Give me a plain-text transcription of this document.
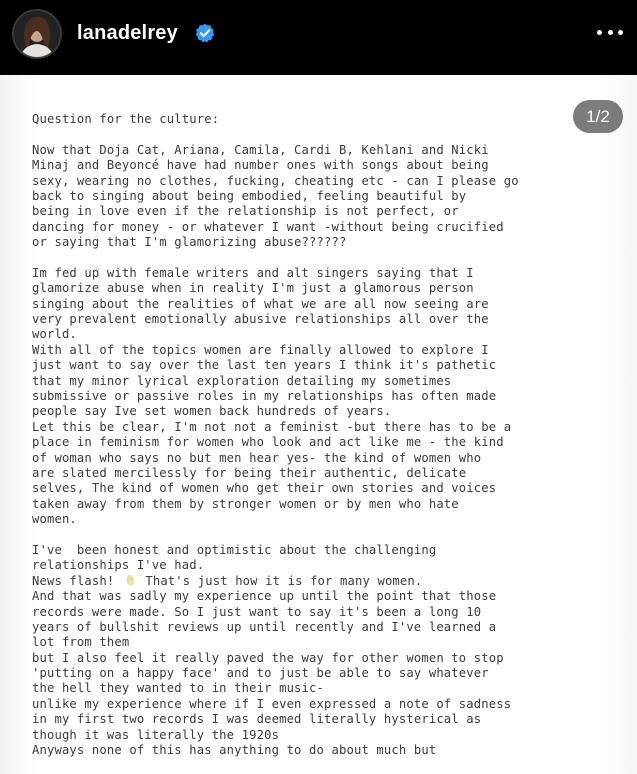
lanadelrey
1/2
Question for the culture:
Now that Doja Cat, Ariana, Camila, Cardi B, Kehlani and Nicki
Minaj and Beyoncé have had number ones with songs about being
sexy, wearing no clothes, fucking, cheating etc - can I please go
back to singing about being embodied, feeling beautiful by
being in love even if the relationship is not perfect, or
dancing for money - or whatever I want -without being crucified
or saying that I'm glamorizing abuse??????
Im fed up with female writers and alt singers saying that I
glamorize abuse when in reality I'm just a glamorous person
singing about the realities of what we are all now seeing are
very prevalent emotionally abusive relationships all over the
world.
With all of the topics women are finally allowed to explore I
just want to say over the last ten years I think it's pathetic
that my minor lyrical exploration detailing my sometimes
submissive or passive roles in my relationships has often made
people say Ive set women back hundreds of years.
Let this be clear, I'm not not a feminist -but there has to be a
place in feminism for women who look and act like me - the kind
of woman who says no but men hear yes- the kind of women who
are slated mercilessly for being their authentic, delicate
selves, The kind of women who get their own stories and voices
taken away from them by stronger women or by men who hate
women.
I've  been honest and optimistic about the challenging
relationships I've had.
News flash!  That's just how it is for many women.
And that was sadly my experience up until the point that those
records were made. So I just want to say it's been a long 10
years of bullshit reviews up until recently and I've learned a
lot from them
but I also feel it really paved the way for other women to stop
'putting on a happy face' and to just be able to say whatever
the hell they wanted to in their music-
unlike my experience where if I even expressed a note of sadness
in my first two records I was deemed literally hysterical as
though it was literally the 1920s
Anyways none of this has anything to do about much but
